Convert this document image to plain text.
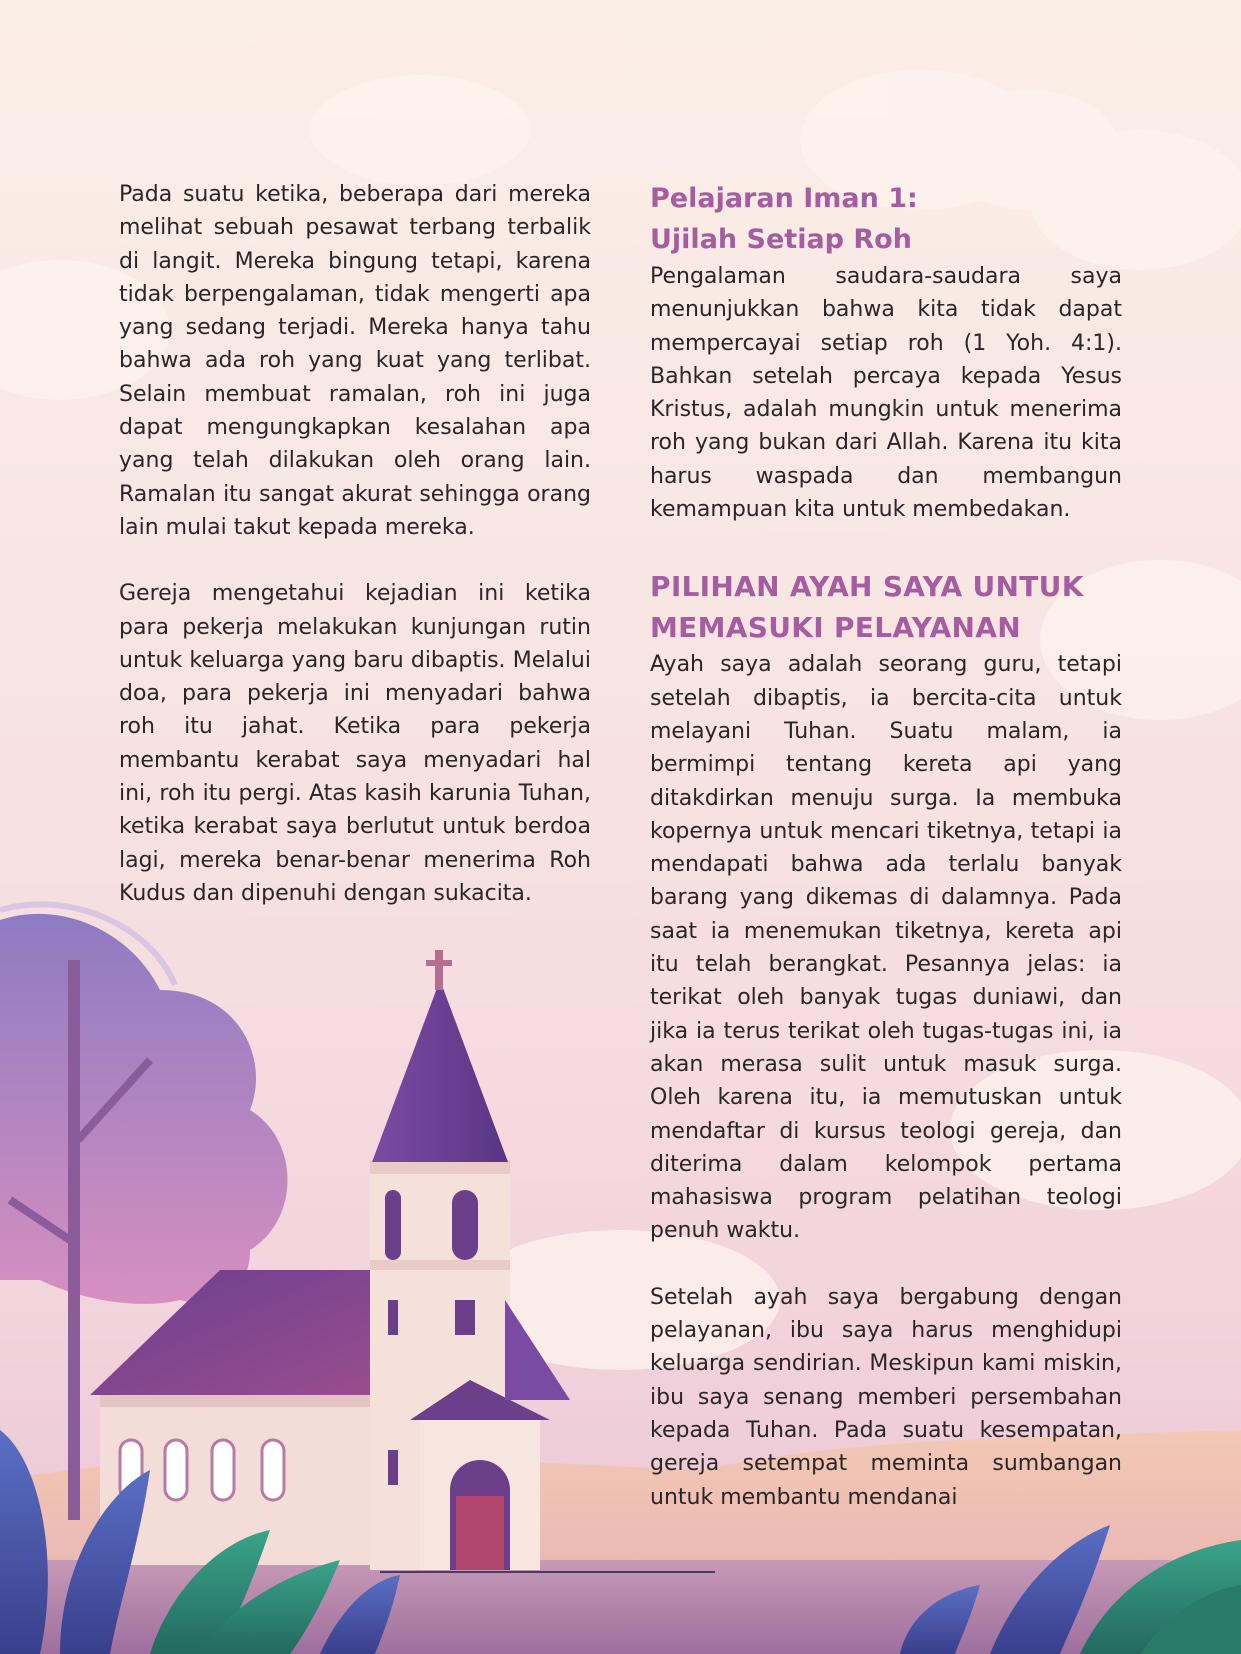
Pada suatu ketika, beberapa dari mereka melihat sebuah pesawat terbang terbalik di langit. Mereka bingung tetapi, karena tidak berpengalaman, tidak mengerti apa yang sedang terjadi. Mereka hanya tahu bahwa ada roh yang kuat yang terlibat. Selain membuat ramalan, roh ini juga dapat mengungkapkan kesalahan apa yang telah dilakukan oleh orang lain. Ramalan itu sangat akurat sehingga orang lain mulai takut kepada mereka.

Gereja mengetahui kejadian ini ketika para pekerja melakukan kunjungan rutin untuk keluarga yang baru dibaptis. Melalui doa, para pekerja ini menyadari bahwa roh itu jahat. Ketika para pekerja membantu kerabat saya menyadari hal ini, roh itu pergi. Atas kasih karunia Tuhan, ketika kerabat saya berlutut untuk berdoa lagi, mereka benar-benar menerima Roh Kudus dan dipenuhi dengan sukacita.

Pelajaran Iman 1:
Ujilah Setiap Roh

Pengalaman saudara-saudara saya menunjukkan bahwa kita tidak dapat mempercayai setiap roh (1 Yoh. 4:1). Bahkan setelah percaya kepada Yesus Kristus, adalah mungkin untuk menerima roh yang bukan dari Allah. Karena itu kita harus waspada dan membangun kemampuan kita untuk membedakan.

PILIHAN AYAH SAYA UNTUK
MEMASUKI PELAYANAN

Ayah saya adalah seorang guru, tetapi setelah dibaptis, ia bercita-cita untuk melayani Tuhan. Suatu malam, ia bermimpi tentang kereta api yang ditakdirkan menuju surga. Ia membuka kopernya untuk mencari tiketnya, tetapi ia mendapati bahwa ada terlalu banyak barang yang dikemas di dalamnya. Pada saat ia menemukan tiketnya, kereta api itu telah berangkat. Pesannya jelas: ia terikat oleh banyak tugas duniawi, dan jika ia terus terikat oleh tugas-tugas ini, ia akan merasa sulit untuk masuk surga. Oleh karena itu, ia memutuskan untuk mendaftar di kursus teologi gereja, dan diterima dalam kelompok pertama mahasiswa program pelatihan teologi penuh waktu.

Setelah ayah saya bergabung dengan pelayanan, ibu saya harus menghidupi keluarga sendirian. Meskipun kami miskin, ibu saya senang memberi persembahan kepada Tuhan. Pada suatu kesempatan, gereja setempat meminta sumbangan untuk membantu mendanai
